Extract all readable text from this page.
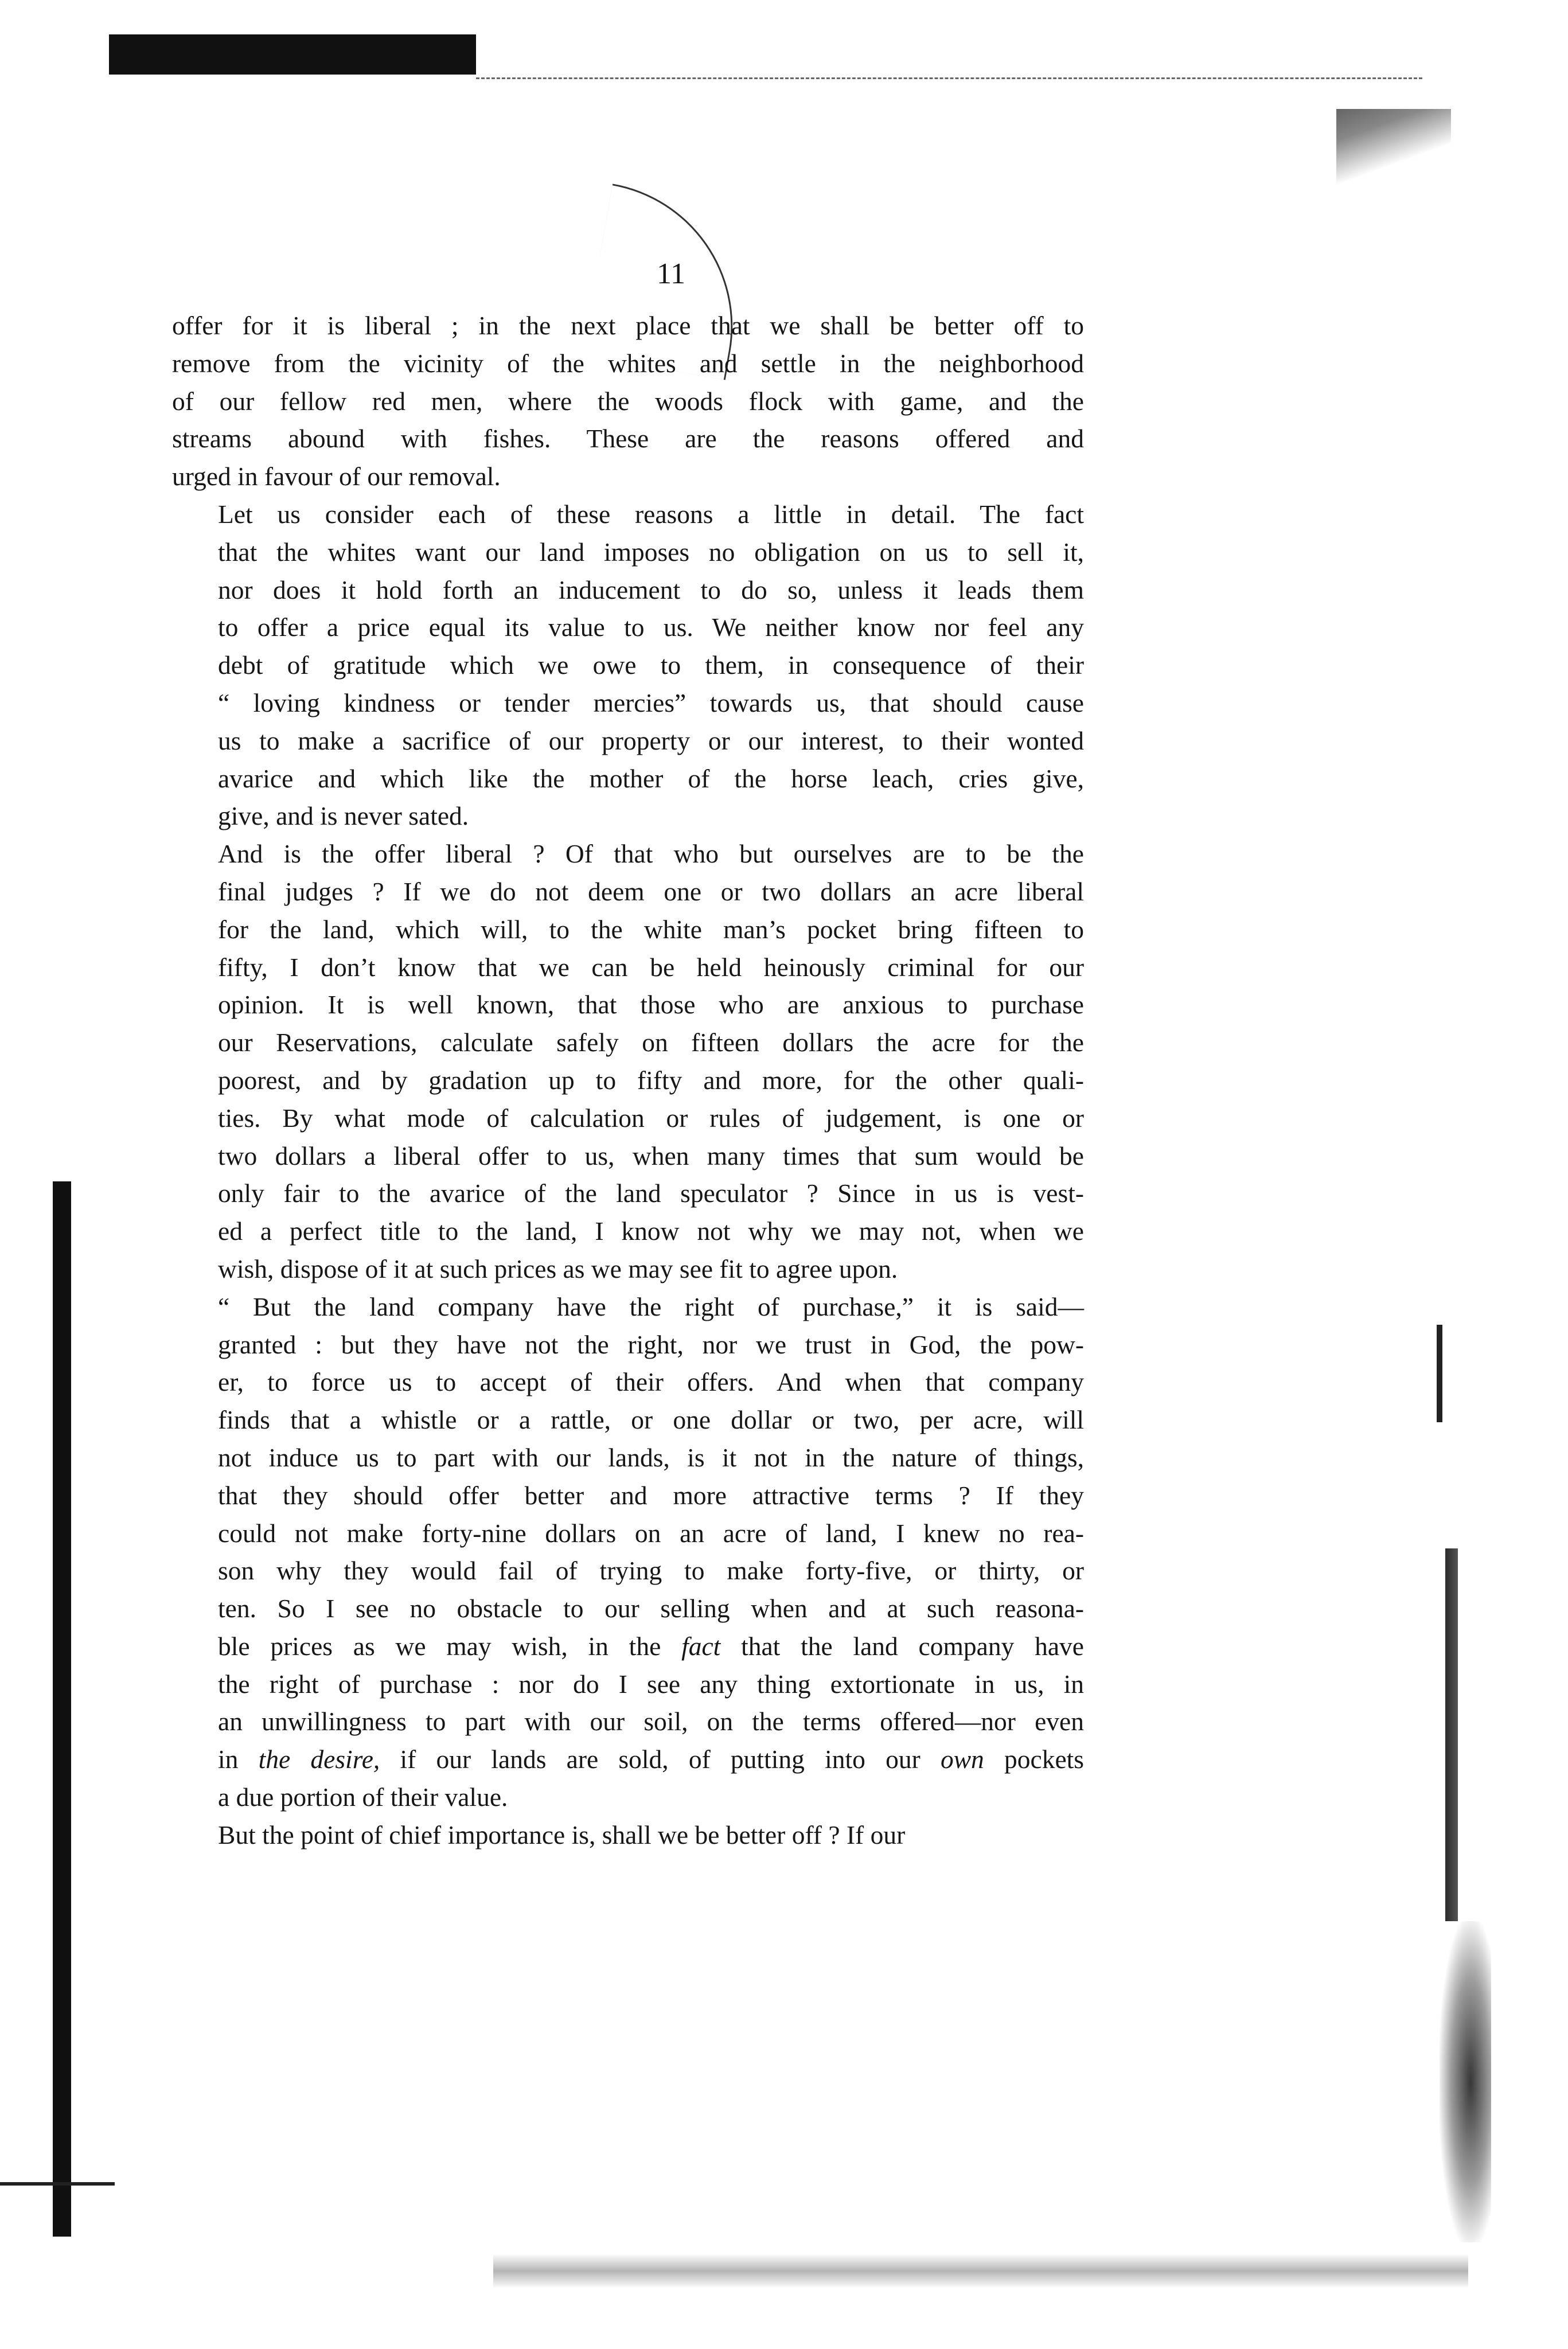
11

offer for it is liberal ; in the next place that we shall be better off to
remove from the vicinity of the whites and settle in the neighborhood
of our fellow red men, where the woods flock with game, and the
streams abound with fishes. These are the reasons offered and
urged in favour of our removal.

Let us consider each of these reasons a little in detail. The fact
that the whites want our land imposes no obligation on us to sell it,
nor does it hold forth an inducement to do so, unless it leads them
to offer a price equal its value to us. We neither know nor feel any
debt of gratitude which we owe to them, in consequence of their
“ loving kindness or tender mercies” towards us, that should cause
us to make a sacrifice of our property or our interest, to their wonted
avarice and which like the mother of the horse leach, cries give,
give, and is never sated.

And is the offer liberal ? Of that who but ourselves are to be the
final judges ? If we do not deem one or two dollars an acre liberal
for the land, which will, to the white man’s pocket bring fifteen to
fifty, I don’t know that we can be held heinously criminal for our
opinion. It is well known, that those who are anxious to purchase
our Reservations, calculate safely on fifteen dollars the acre for the
poorest, and by gradation up to fifty and more, for the other quali-
ties. By what mode of calculation or rules of judgement, is one or
two dollars a liberal offer to us, when many times that sum would be
only fair to the avarice of the land speculator ? Since in us is vest-
ed a perfect title to the land, I know not why we may not, when we
wish, dispose of it at such prices as we may see fit to agree upon.

“ But the land company have the right of purchase,” it is said—
granted : but they have not the right, nor we trust in God, the pow-
er, to force us to accept of their offers. And when that company
finds that a whistle or a rattle, or one dollar or two, per acre, will
not induce us to part with our lands, is it not in the nature of things,
that they should offer better and more attractive terms ? If they
could not make forty-nine dollars on an acre of land, I knew no rea-
son why they would fail of trying to make forty-five, or thirty, or
ten. So I see no obstacle to our selling when and at such reasona-
ble prices as we may wish, in the fact that the land company have
the right of purchase : nor do I see any thing extortionate in us, in
an unwillingness to part with our soil, on the terms offered—nor even
in the desire, if our lands are sold, of putting into our own pockets
a due portion of their value.

But the point of chief importance is, shall we be better off ? If our
